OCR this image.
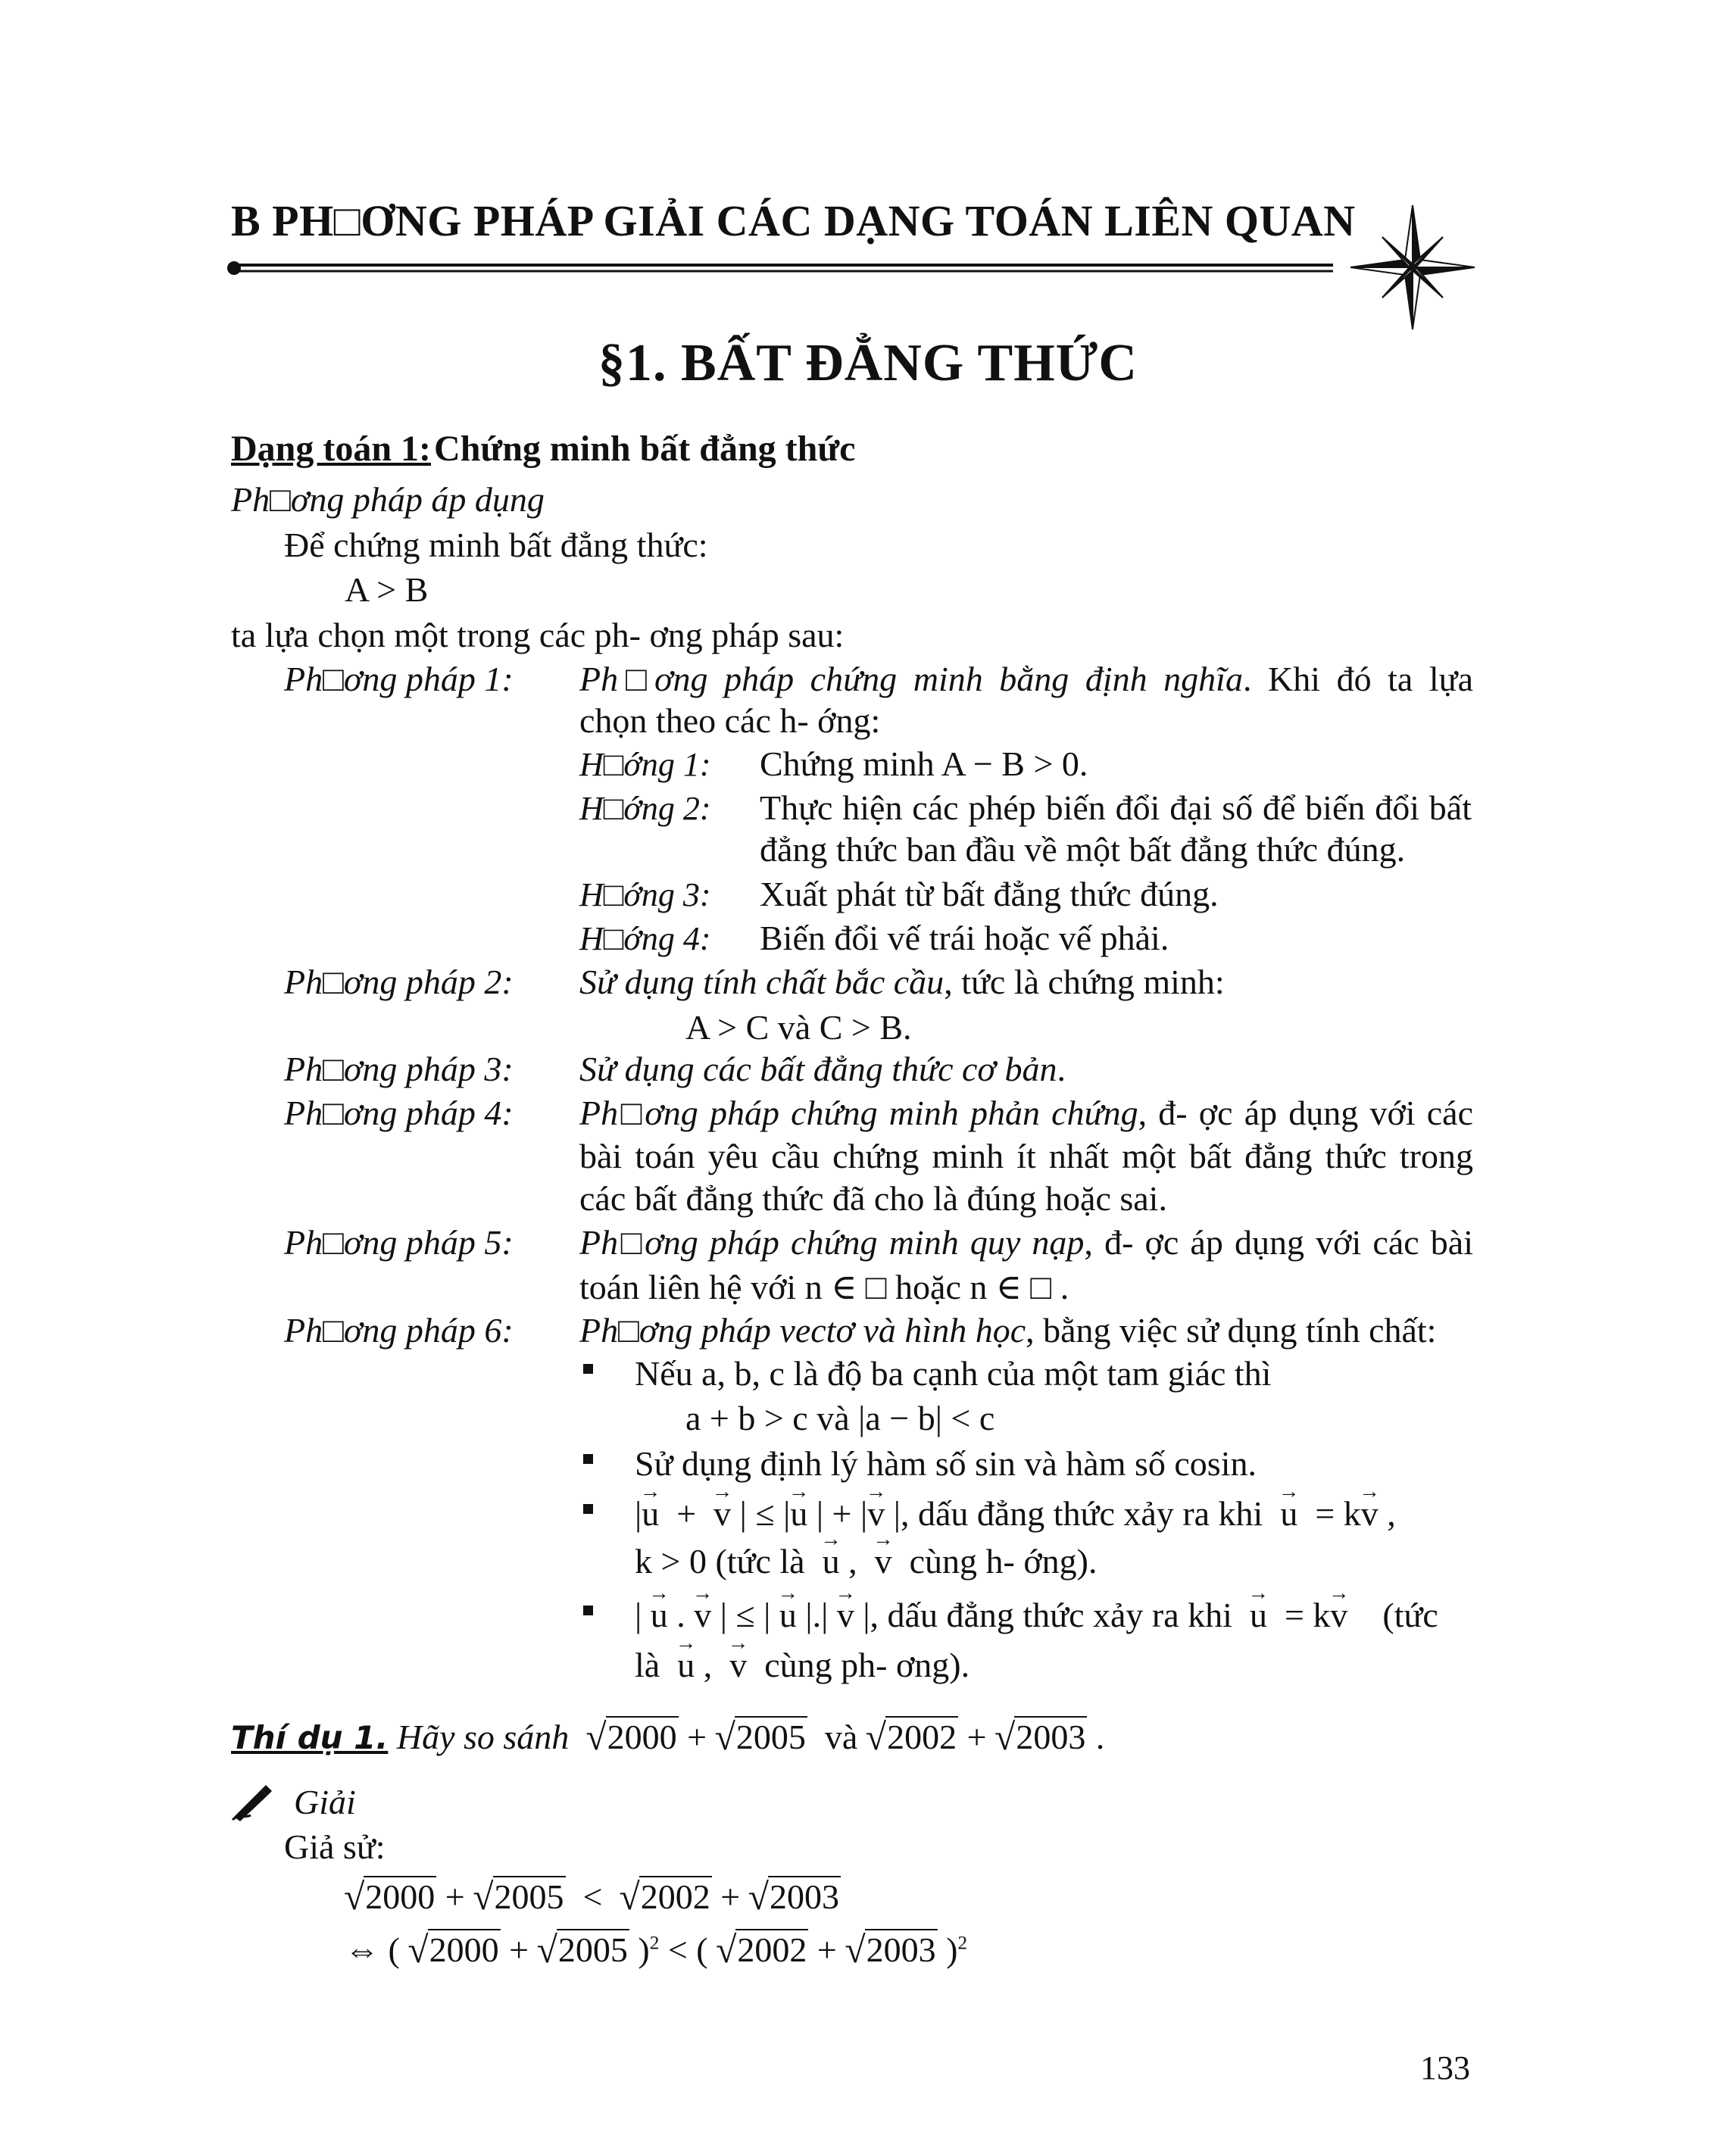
B PH□ƠNG PHÁP GIẢI CÁC DẠNG TOÁN LIÊN QUAN
§1. BẤT ĐẲNG THỨC
Dạng toán 1: Chứng minh bất đẳng thức
Ph□ơng pháp áp dụng
Để chứng minh bất đẳng thức:
A > B
ta lựa chọn một trong các ph- ơng pháp sau:
Ph□ơng pháp 1: Ph□ơng pháp chứng minh bằng định nghĩa. Khi đó ta lựa
chọn theo các h- ớng:
H□ớng 1: Chứng minh A − B > 0.
H□ớng 2: Thực hiện các phép biến đổi đại số để biến đổi bất
đẳng thức ban đầu về một bất đẳng thức đúng.
H□ớng 3: Xuất phát từ bất đẳng thức đúng.
H□ớng 4: Biến đổi vế trái hoặc vế phải.
Ph□ơng pháp 2: Sử dụng tính chất bắc cầu, tức là chứng minh:
A > C và C > B.
Ph□ơng pháp 3: Sử dụng các bất đẳng thức cơ bản.
Ph□ơng pháp 4: Ph□ơng pháp chứng minh phản chứng, đ- ợc áp dụng với các
bài toán yêu cầu chứng minh ít nhất một bất đẳng thức trong
các bất đẳng thức đã cho là đúng hoặc sai.
Ph□ơng pháp 5: Ph□ơng pháp chứng minh quy nạp, đ- ợc áp dụng với các bài
toán liên hệ với n ∈ □ hoặc n ∈ □ .
Ph□ơng pháp 6: Ph□ơng pháp vectơ và hình học, bằng việc sử dụng tính chất:
Nếu a, b, c là độ ba cạnh của một tam giác thì
a + b > c và |a − b| < c
Sử dụng định lý hàm số sin và hàm số cosin.
|→ u  +  → v | ≤ |→ u | + |→ v |, dấu đẳng thức xảy ra khi → u  = k→ v ,
k > 0 (tức là → u ,  → v cùng h- ớng).
| → u . → v | ≤ | → u |.| → v |, dấu đẳng thức xảy ra khi → u  = k→ v (tức
là → u ,  → v cùng ph- ơng).
Thí dụ 1. Hãy so sánh √ 2000 + √ 2005 và √ 2002 + √ 2003 .
Giải
Giả sử:
√ 2000 + √ 2005  <  √ 2002 + √ 2003
⇔ ( √ 2000 + √ 2005 )$^2$ < ( √ 2002 + √ 2003 )$^2$
133
